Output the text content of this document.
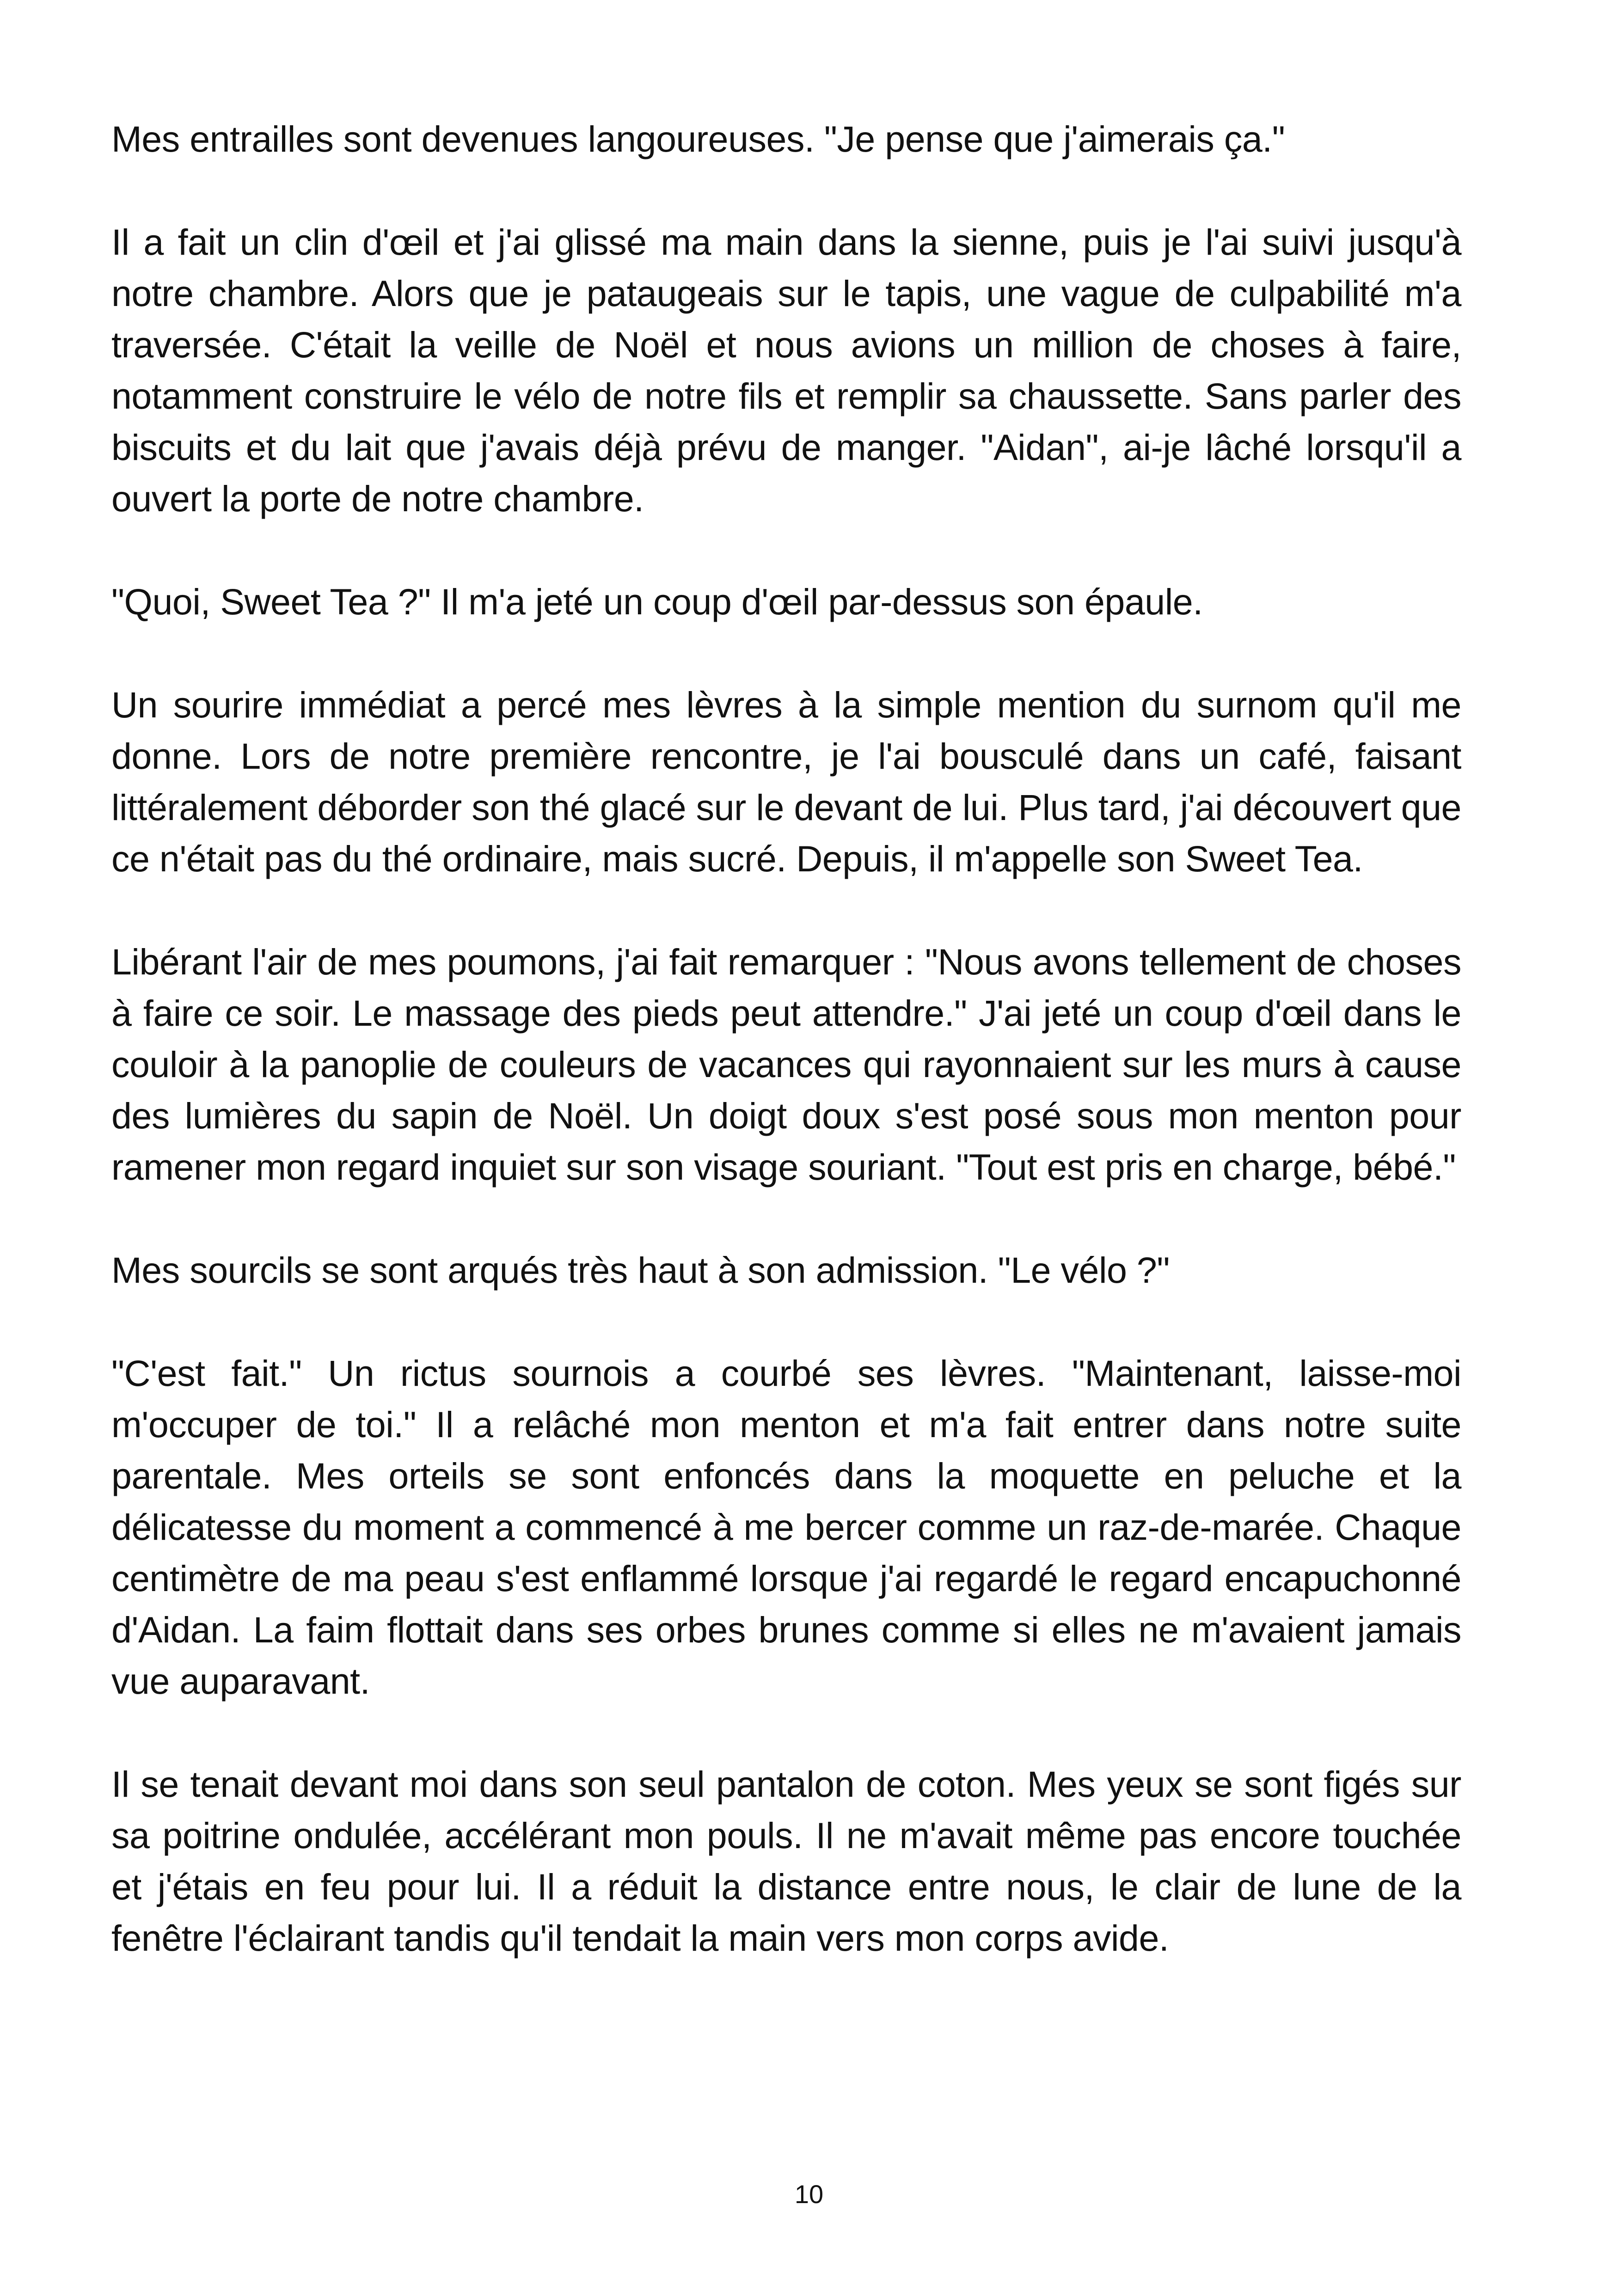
Mes entrailles sont devenues langoureuses. "Je pense que j'aimerais ça."

Il a fait un clin d'œil et j'ai glissé ma main dans la sienne, puis je l'ai suivi jusqu'à notre chambre. Alors que je pataugeais sur le tapis, une vague de culpabilité m'a traversée. C'était la veille de Noël et nous avions un million de choses à faire, notamment construire le vélo de notre fils et remplir sa chaussette. Sans parler des biscuits et du lait que j'avais déjà prévu de manger. "Aidan", ai-je lâché lorsqu'il a ouvert la porte de notre chambre.

"Quoi, Sweet Tea ?" Il m'a jeté un coup d'œil par-dessus son épaule.

Un sourire immédiat a percé mes lèvres à la simple mention du surnom qu'il me donne. Lors de notre première rencontre, je l'ai bousculé dans un café, faisant littéralement déborder son thé glacé sur le devant de lui. Plus tard, j'ai découvert que ce n'était pas du thé ordinaire, mais sucré. Depuis, il m'appelle son Sweet Tea.

Libérant l'air de mes poumons, j'ai fait remarquer : "Nous avons tellement de choses à faire ce soir. Le massage des pieds peut attendre." J'ai jeté un coup d'œil dans le couloir à la panoplie de couleurs de vacances qui rayonnaient sur les murs à cause des lumières du sapin de Noël. Un doigt doux s'est posé sous mon menton pour ramener mon regard inquiet sur son visage souriant. "Tout est pris en charge, bébé."

Mes sourcils se sont arqués très haut à son admission. "Le vélo ?"

"C'est fait." Un rictus sournois a courbé ses lèvres. "Maintenant, laisse-moi m'occuper de toi." Il a relâché mon menton et m'a fait entrer dans notre suite parentale. Mes orteils se sont enfoncés dans la moquette en peluche et la délicatesse du moment a commencé à me bercer comme un raz-de-marée. Chaque centimètre de ma peau s'est enflammé lorsque j'ai regardé le regard encapuchonné d'Aidan. La faim flottait dans ses orbes brunes comme si elles ne m'avaient jamais vue auparavant.

Il se tenait devant moi dans son seul pantalon de coton. Mes yeux se sont figés sur sa poitrine ondulée, accélérant mon pouls. Il ne m'avait même pas encore touchée et j'étais en feu pour lui. Il a réduit la distance entre nous, le clair de lune de la fenêtre l'éclairant tandis qu'il tendait la main vers mon corps avide.

10
